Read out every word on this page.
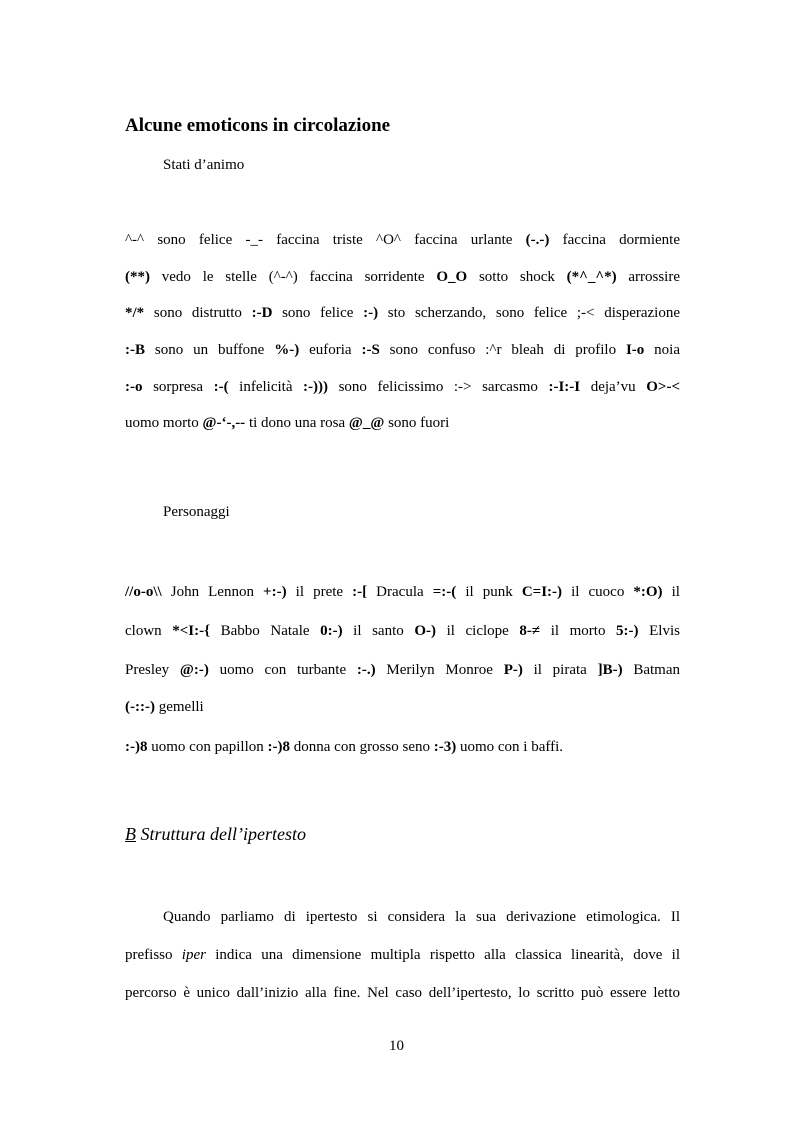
Alcune emoticons in circolazione
Stati d’animo
^-^ sono felice -_- faccina triste ^O^ faccina urlante (-.-) faccina dormiente
(**) vedo le stelle (^-^) faccina sorridente O_O sotto shock (*^_^*) arrossire
*/* sono distrutto :-D sono felice :-) sto scherzando, sono felice ;-< disperazione
:-B sono un buffone %-) euforia :-S sono confuso :^r bleah di profilo I-o noia
:-o sorpresa :-( infelicità :-))) sono felicissimo :-> sarcasmo :-I:-I deja’vu O>-<
uomo morto @-‘-,-- ti dono una rosa @_@ sono fuori
Personaggi
//o-o\\ John Lennon +:-) il prete :-[ Dracula =:-( il punk C=I:-) il cuoco *:O) il
clown *<I:-{ Babbo Natale 0:-) il santo O-) il ciclope 8-≠ il morto 5:-) Elvis
Presley @:-) uomo con turbante :-.) Merilyn Monroe P-) il pirata ]B-) Batman
(-::-) gemelli
:-)8 uomo con papillon :-)8 donna con grosso seno :-3) uomo con i baffi.
B Struttura dell’ipertesto
Quando parliamo di ipertesto si considera la sua derivazione etimologica. Il
prefisso iper indica una dimensione multipla rispetto alla classica linearità, dove il
percorso è unico dall’inizio alla fine. Nel caso dell’ipertesto, lo scritto può essere letto
10
